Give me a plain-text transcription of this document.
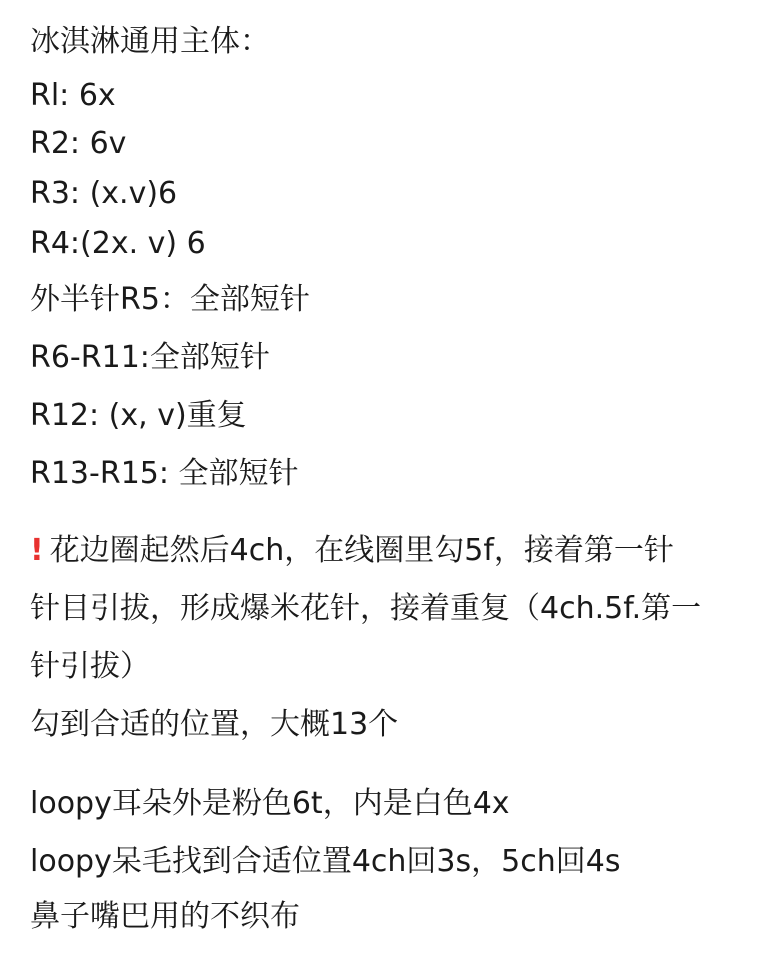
冰淇淋通用主体：
Rl: 6x
R2: 6v
R3: (x.v)6
R4:(2x. v) 6
外半针R5：全部短针
R6-R11:全部短针
R12: (x, v)重复
R13-R15: 全部短针
! 花边圈起然后4ch，在线圈里勾5f，接着第一针
针目引拔，形成爆米花针，接着重复（4ch.5f.第一
针引拔）
勾到合适的位置，大概13个
loopy耳朵外是粉色6t，内是白色4x
loopy呆毛找到合适位置4ch回3s，5ch回4s
鼻子嘴巴用的不织布
